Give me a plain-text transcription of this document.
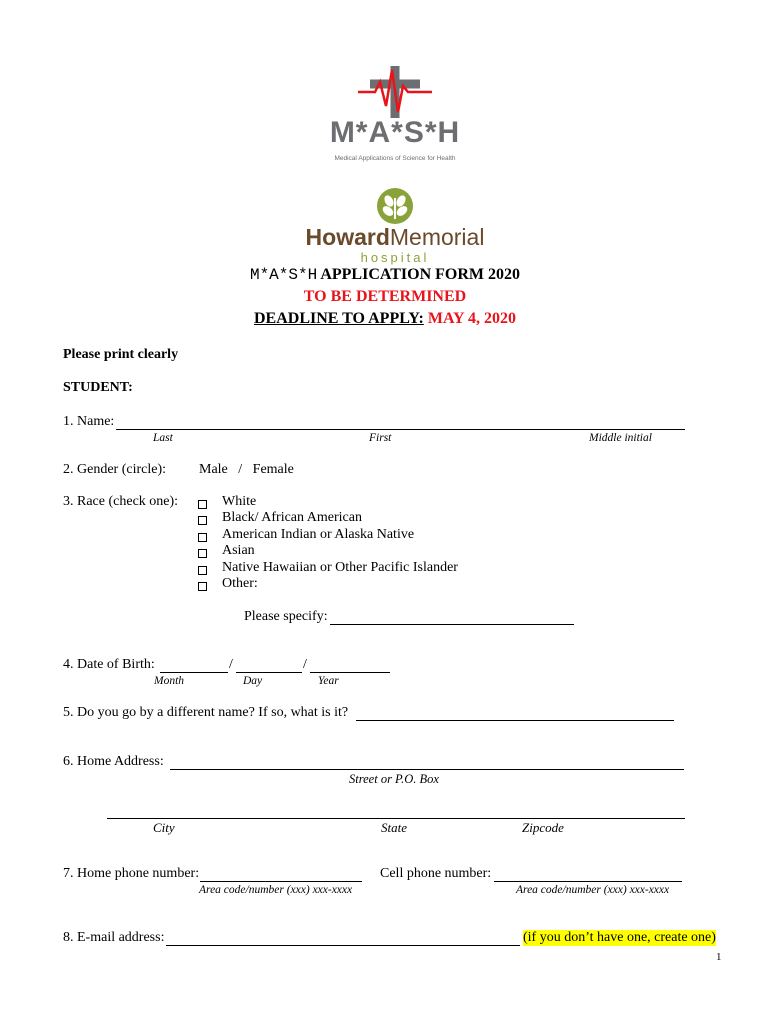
M*A*S*H
Medical Applications of Science for Health
HowardMemorial
hospital
M*A*S*H APPLICATION FORM 2020
TO BE DETERMINED
DEADLINE TO APPLY: MAY 4, 2020
Please print clearly
STUDENT:
1. Name:
Last	First	Middle initial
2. Gender (circle): Male   /   Female
3. Race (check one):	White
Black/ African American
American Indian or Alaska Native
Asian
Native Hawaiian or Other Pacific Islander
Other:
Please specify:
4. Date of Birth:	/	/
Month	Day	Year
5. Do you go by a different name? If so, what is it?
6. Home Address:
Street or P.O. Box
City	State	Zipcode
7. Home phone number:	Cell phone number:
Area code/number (xxx) xxx-xxxx	Area code/number (xxx) xxx-xxxx
8. E-mail address:	(if you don’t have one, create one)
1
